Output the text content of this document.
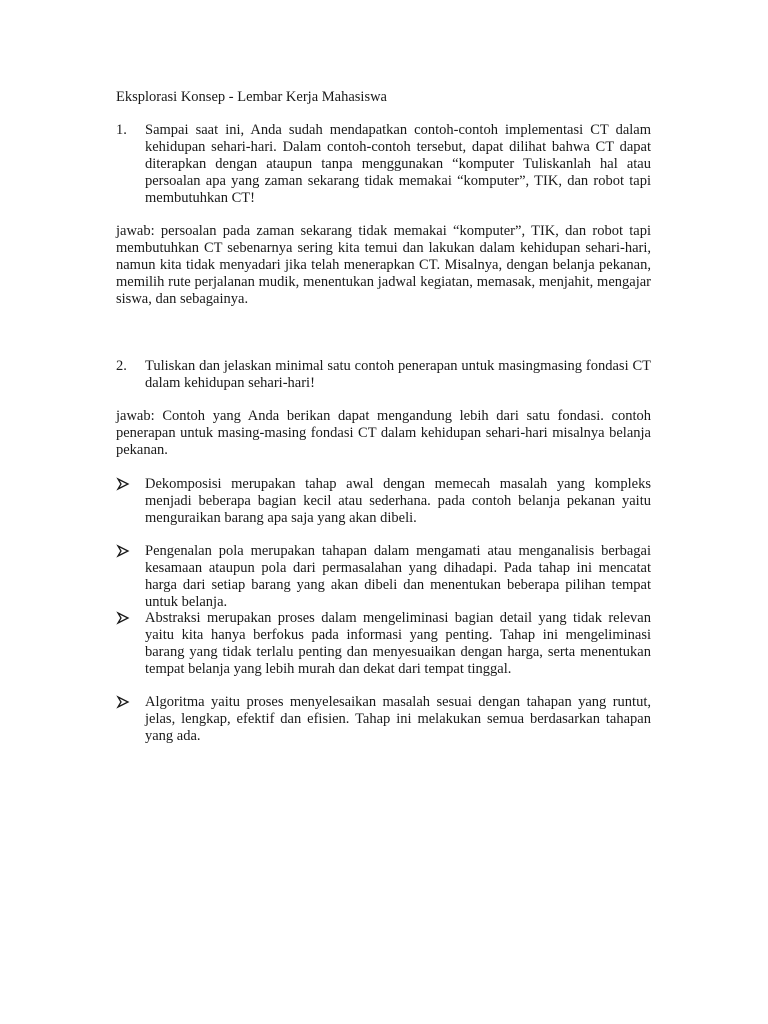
Eksplorasi Konsep - Lembar Kerja Mahasiswa
1. Sampai saat ini, Anda sudah mendapatkan contoh-contoh implementasi CT dalam kehidupan sehari-hari. Dalam contoh-contoh tersebut, dapat dilihat bahwa CT dapat diterapkan dengan ataupun tanpa menggunakan “komputer Tuliskanlah hal atau persoalan apa yang zaman sekarang tidak memakai “komputer”, TIK, dan robot tapi membutuhkan CT!
jawab: persoalan pada zaman sekarang tidak memakai “komputer”, TIK, dan robot tapi membutuhkan CT sebenarnya sering kita temui dan lakukan dalam kehidupan sehari-hari, namun kita tidak menyadari jika telah menerapkan CT. Misalnya, dengan belanja pekanan, memilih rute perjalanan mudik, menentukan jadwal kegiatan, memasak, menjahit, mengajar siswa, dan sebagainya.
2. Tuliskan dan jelaskan minimal satu contoh penerapan untuk masingmasing fondasi CT dalam kehidupan sehari-hari!
jawab: Contoh yang Anda berikan dapat mengandung lebih dari satu fondasi. contoh penerapan untuk masing-masing fondasi CT dalam kehidupan sehari-hari misalnya belanja pekanan.
Dekomposisi merupakan tahap awal dengan memecah masalah yang kompleks menjadi beberapa bagian kecil atau sederhana. pada contoh belanja pekanan yaitu menguraikan barang apa saja yang akan dibeli.
Pengenalan pola merupakan tahapan dalam mengamati atau menganalisis berbagai kesamaan ataupun pola dari permasalahan yang dihadapi. Pada tahap ini mencatat harga dari setiap barang yang akan dibeli dan menentukan beberapa pilihan tempat untuk belanja.
Abstraksi merupakan proses dalam mengeliminasi bagian detail yang tidak relevan yaitu kita hanya berfokus pada informasi yang penting. Tahap ini mengeliminasi barang yang tidak terlalu penting dan menyesuaikan dengan harga, serta menentukan tempat belanja yang lebih murah dan dekat dari tempat tinggal.
Algoritma yaitu proses menyelesaikan masalah sesuai dengan tahapan yang runtut, jelas, lengkap, efektif dan efisien. Tahap ini melakukan semua berdasarkan tahapan yang ada.
